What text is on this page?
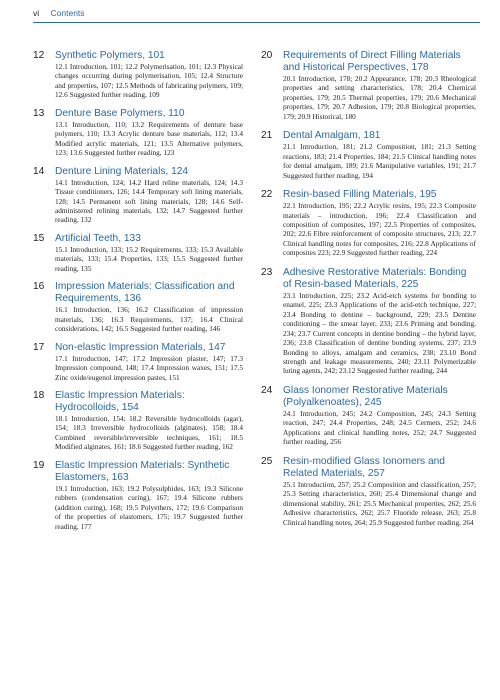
vi Contents
12 Synthetic Polymers, 101
12.1 Introduction, 101; 12.2 Polymerisation, 101; 12.3 Physical changes occurring during polymerisation, 105; 12.4 Structure and properties, 107; 12.5 Methods of fabricating polymers, 109; 12.6 Suggested further reading, 109
13 Denture Base Polymers, 110
13.1 Introduction, 110; 13.2 Requirements of denture base polymers, 110; 13.3 Acrylic denture base materials, 112; 13.4 Modified acrylic materials, 121; 13.5 Alternative polymers, 123; 13.6 Suggested further reading, 123
14 Denture Lining Materials, 124
14.1 Introduction, 124; 14.2 Hard reline materials, 124; 14.3 Tissue conditioners, 126; 14.4 Temporary soft lining materials, 128; 14.5 Permanent soft lining materials, 128; 14.6 Self-administered relining materials, 132; 14.7 Suggested further reading, 132
15 Artificial Teeth, 133
15.1 Introduction, 133; 15.2 Requirements, 133; 15.3 Available materials, 133; 15.4 Properties, 133; 15.5 Suggested further reading, 135
16 Impression Materials: Classification and Requirements, 136
16.1 Introduction, 136; 16.2 Classification of impression materials, 136; 16.3 Requirements, 137; 16.4 Clinical considerations, 142; 16.5 Suggested further reading, 146
17 Non-elastic Impression Materials, 147
17.1 Introduction, 147; 17.2 Impression plaster, 147; 17.3 Impression compound, 148; 17.4 Impression waxes, 151; 17.5 Zinc oxide/eugenol impression pastes, 151
18 Elastic Impression Materials: Hydrocolloids, 154
18.1 Introduction, 154; 18.2 Reversible hydrocolloids (agar), 154; 18.3 Irreversible hydrocolloids (alginates), 158; 18.4 Combined reversible/irreversible techniques, 161; 18.5 Modified alginates, 161; 18.6 Suggested further reading, 162
19 Elastic Impression Materials: Synthetic Elastomers, 163
19.1 Introduction, 163; 19.2 Polysulphides, 163; 19.3 Silicone rubbers (condensation curing), 167; 19.4 Silicone rubbers (addition curing), 168; 19.5 Polyethers, 172; 19.6 Comparison of the properties of elastomers, 175; 19.7 Suggested further reading, 177
20 Requirements of Direct Filling Materials and Historical Perspectives, 178
20.1 Introduction, 178; 20.2 Appearance, 178; 20.3 Rheological properties and setting characteristics, 178; 20.4 Chemical properties, 179; 20.5 Thermal properties, 179; 20.6 Mechanical properties, 179; 20.7 Adhesion, 179; 20.8 Biological properties, 179; 20.9 Historical, 180
21 Dental Amalgam, 181
21.1 Introduction, 181; 21.2 Composition, 181; 21.3 Setting reactions, 183; 21.4 Properties, 184; 21.5 Clinical handling notes for dental amalgam, 189; 21.6 Manipulative variables, 191; 21.7 Suggested further reading, 194
22 Resin-based Filling Materials, 195
22.1 Introduction, 195; 22.2 Acrylic resins, 195; 22.3 Composite materials – introduction, 196; 22.4 Classification and composition of composites, 197; 22.5 Properties of composites, 202; 22.6 Fibre reinforcement of composite structures, 213; 22.7 Clinical handling notes for composites, 216; 22.8 Applications of composites 223; 22.9 Suggested further reading, 224
23 Adhesive Restorative Materials: Bonding of Resin-based Materials, 225
23.1 Introduction, 225; 23.2 Acid-etch systems for bonding to enamel, 225; 23.3 Applications of the acid-etch technique, 227; 23.4 Bonding to dentine – background, 229; 23.5 Dentine conditioning – the smear layer, 233; 23.6 Priming and bonding, 234; 23.7 Current concepts in dentine bonding – the hybrid layer, 236; 23.8 Classification of dentine bonding systems, 237; 23.9 Bonding to alloys, amalgam and ceramics, 238; 23.10 Bond strength and leakage measurements, 240; 23.11 Polymerizable luting agents, 242; 23.12 Suggested further reading, 244
24 Glass Ionomer Restorative Materials (Polyalkenoates), 245
24.1 Introduction, 245; 24.2 Composition, 245; 24.3 Setting reaction, 247; 24.4 Properties, 248; 24.5 Cermets, 252; 24.6 Applications and clinical handling notes, 252; 24.7 Suggested further reading, 256
25 Resin-modified Glass Ionomers and Related Materials, 257
25.1 Introduction, 257; 25.2 Composition and classification, 257; 25.3 Setting characteristics, 260; 25.4 Dimensional change and dimensional stability, 261; 25.5 Mechanical properties, 262; 25.6 Adhesive characteristics, 262; 25.7 Fluoride release, 263; 25.8 Clinical handling notes, 264; 25.9 Suggested further reading, 264
